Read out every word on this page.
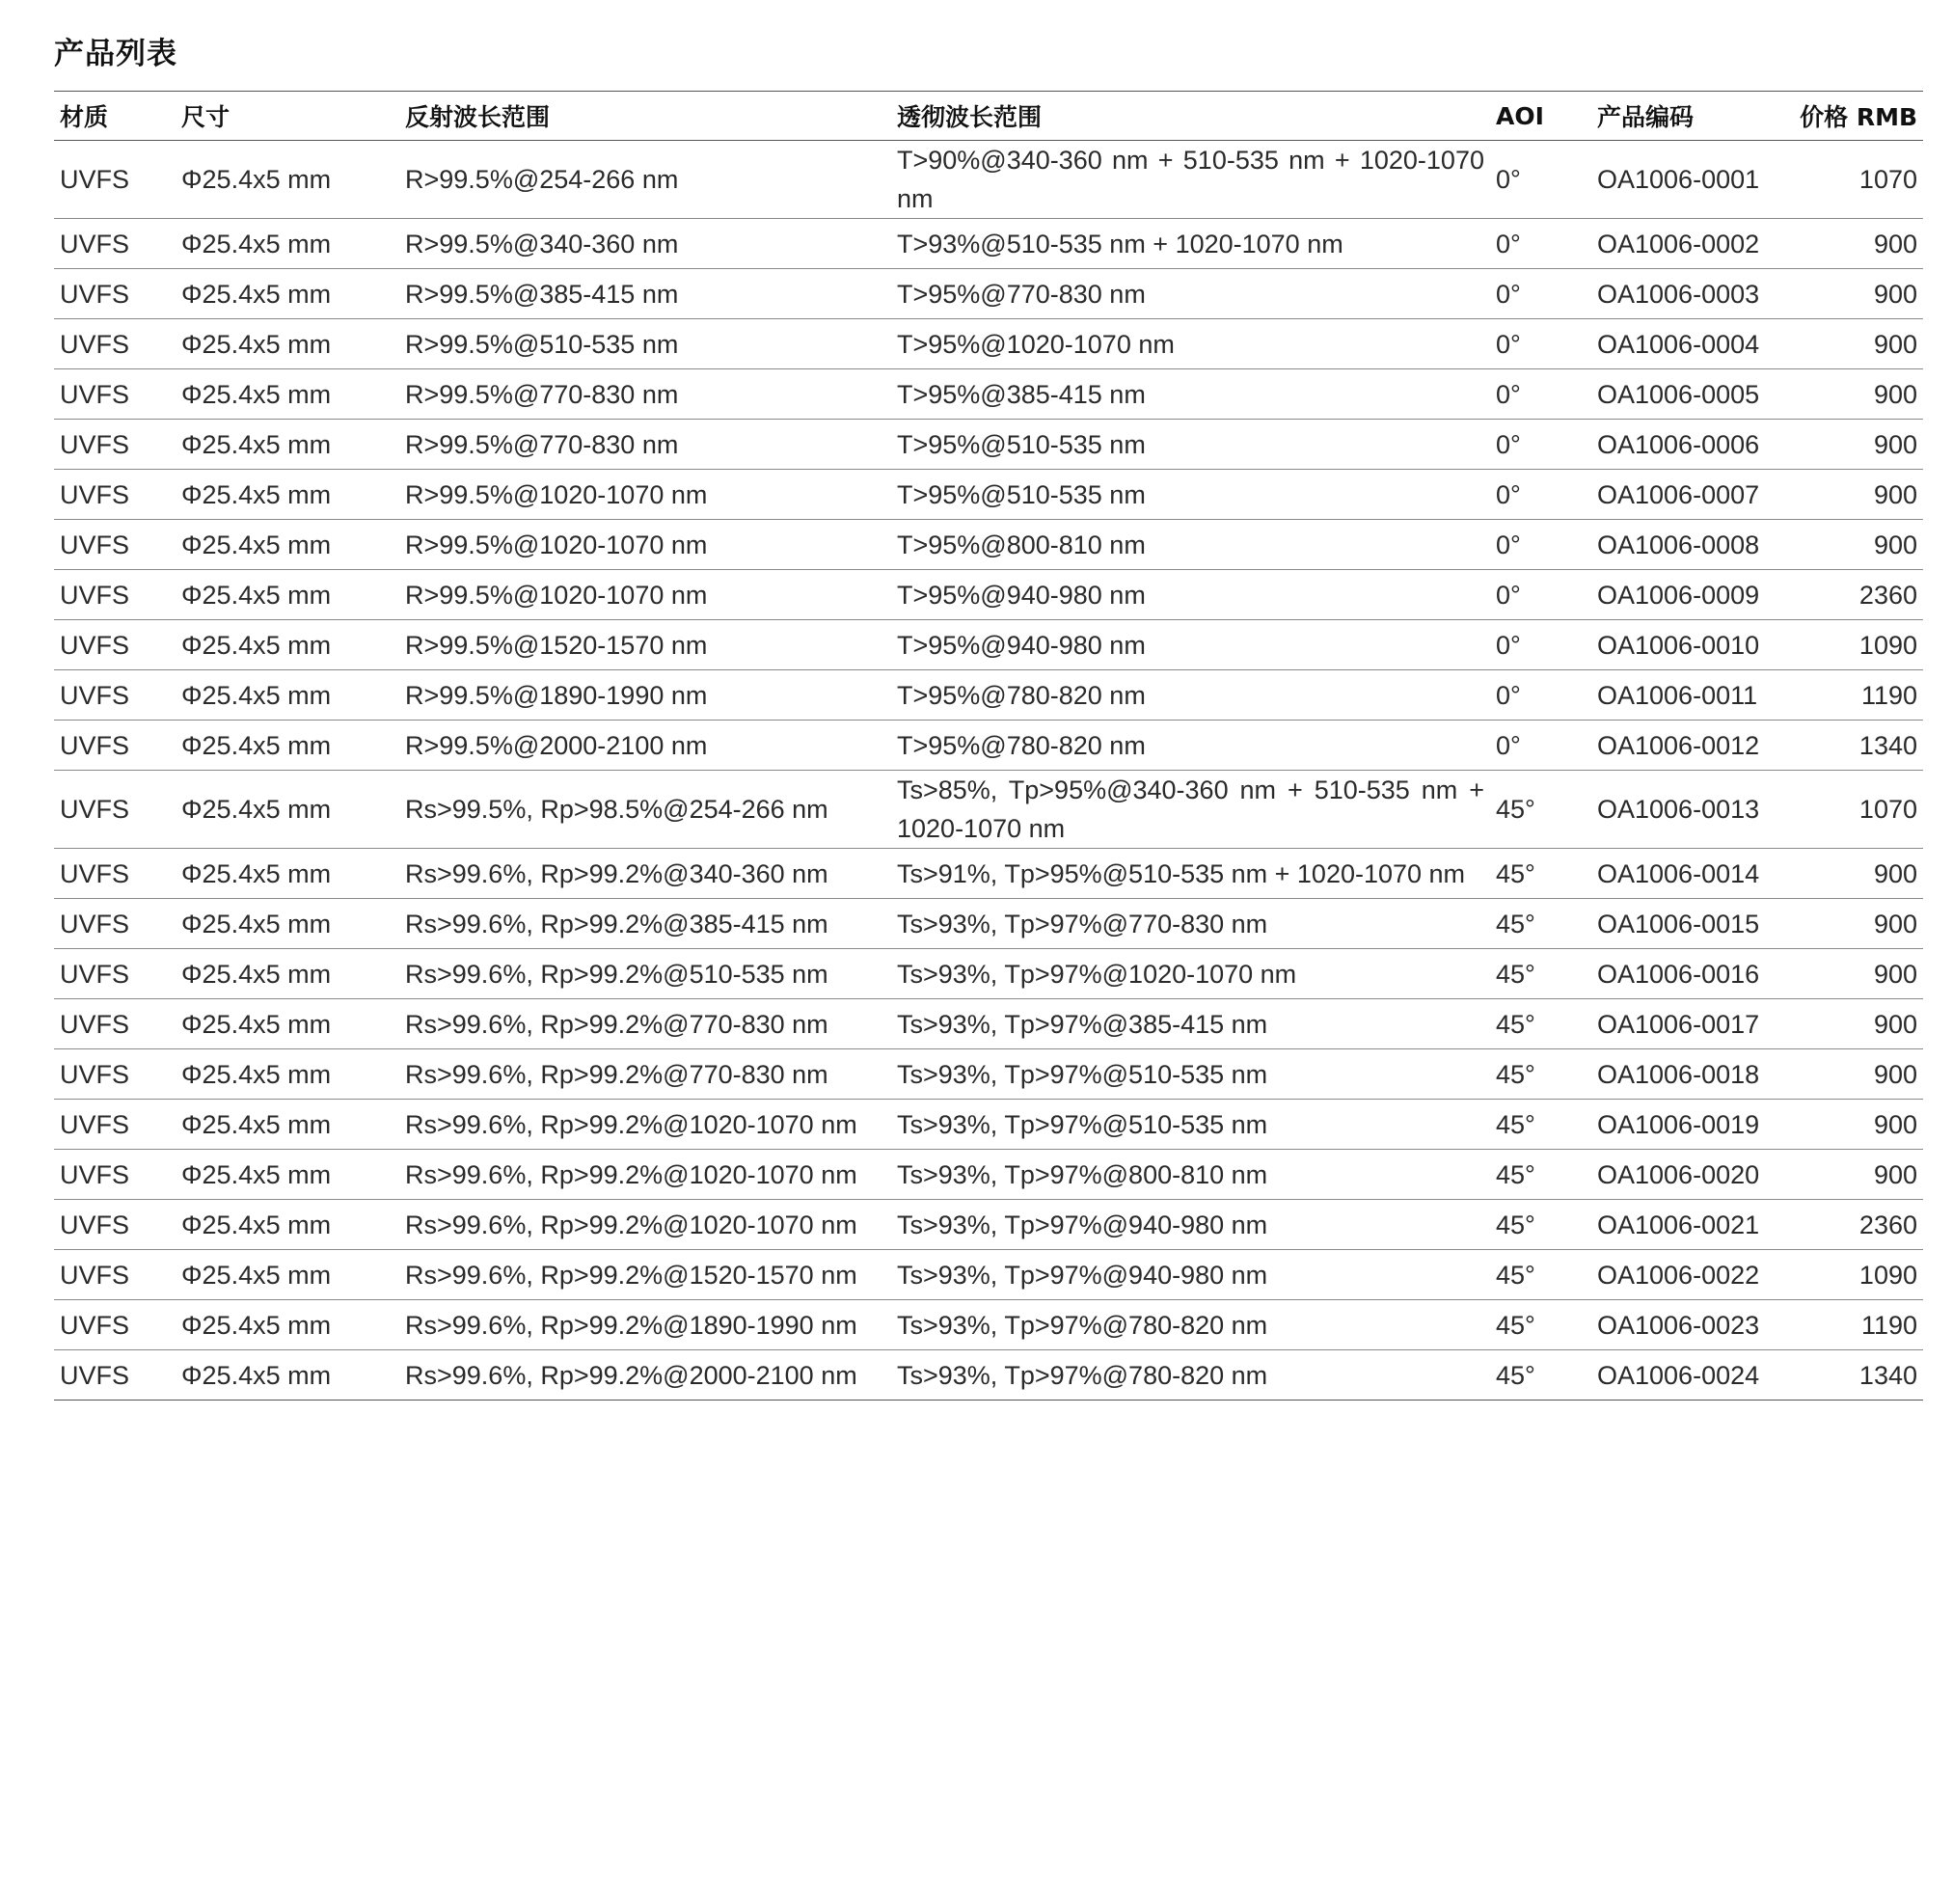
产品列表
材质	尺寸	反射波长范围	透彻波长范围	AOI	产品编码	价格 RMB
UVFS	Φ25.4x5 mm	R>99.5%@254-266 nm	T>90%@340-360 nm + 510-535 nm + 1020-1070 nm	0°	OA1006-0001	1070
UVFS	Φ25.4x5 mm	R>99.5%@340-360 nm	T>93%@510-535 nm + 1020-1070 nm	0°	OA1006-0002	900
UVFS	Φ25.4x5 mm	R>99.5%@385-415 nm	T>95%@770-830 nm	0°	OA1006-0003	900
UVFS	Φ25.4x5 mm	R>99.5%@510-535 nm	T>95%@1020-1070 nm	0°	OA1006-0004	900
UVFS	Φ25.4x5 mm	R>99.5%@770-830 nm	T>95%@385-415 nm	0°	OA1006-0005	900
UVFS	Φ25.4x5 mm	R>99.5%@770-830 nm	T>95%@510-535 nm	0°	OA1006-0006	900
UVFS	Φ25.4x5 mm	R>99.5%@1020-1070 nm	T>95%@510-535 nm	0°	OA1006-0007	900
UVFS	Φ25.4x5 mm	R>99.5%@1020-1070 nm	T>95%@800-810 nm	0°	OA1006-0008	900
UVFS	Φ25.4x5 mm	R>99.5%@1020-1070 nm	T>95%@940-980 nm	0°	OA1006-0009	2360
UVFS	Φ25.4x5 mm	R>99.5%@1520-1570 nm	T>95%@940-980 nm	0°	OA1006-0010	1090
UVFS	Φ25.4x5 mm	R>99.5%@1890-1990 nm	T>95%@780-820 nm	0°	OA1006-0011	1190
UVFS	Φ25.4x5 mm	R>99.5%@2000-2100 nm	T>95%@780-820 nm	0°	OA1006-0012	1340
UVFS	Φ25.4x5 mm	Rs>99.5%, Rp>98.5%@254-266 nm	Ts>85%, Tp>95%@340-360 nm + 510-535 nm + 1020-1070 nm	45°	OA1006-0013	1070
UVFS	Φ25.4x5 mm	Rs>99.6%, Rp>99.2%@340-360 nm	Ts>91%, Tp>95%@510-535 nm + 1020-1070 nm	45°	OA1006-0014	900
UVFS	Φ25.4x5 mm	Rs>99.6%, Rp>99.2%@385-415 nm	Ts>93%, Tp>97%@770-830 nm	45°	OA1006-0015	900
UVFS	Φ25.4x5 mm	Rs>99.6%, Rp>99.2%@510-535 nm	Ts>93%, Tp>97%@1020-1070 nm	45°	OA1006-0016	900
UVFS	Φ25.4x5 mm	Rs>99.6%, Rp>99.2%@770-830 nm	Ts>93%, Tp>97%@385-415 nm	45°	OA1006-0017	900
UVFS	Φ25.4x5 mm	Rs>99.6%, Rp>99.2%@770-830 nm	Ts>93%, Tp>97%@510-535 nm	45°	OA1006-0018	900
UVFS	Φ25.4x5 mm	Rs>99.6%, Rp>99.2%@1020-1070 nm	Ts>93%, Tp>97%@510-535 nm	45°	OA1006-0019	900
UVFS	Φ25.4x5 mm	Rs>99.6%, Rp>99.2%@1020-1070 nm	Ts>93%, Tp>97%@800-810 nm	45°	OA1006-0020	900
UVFS	Φ25.4x5 mm	Rs>99.6%, Rp>99.2%@1020-1070 nm	Ts>93%, Tp>97%@940-980 nm	45°	OA1006-0021	2360
UVFS	Φ25.4x5 mm	Rs>99.6%, Rp>99.2%@1520-1570 nm	Ts>93%, Tp>97%@940-980 nm	45°	OA1006-0022	1090
UVFS	Φ25.4x5 mm	Rs>99.6%, Rp>99.2%@1890-1990 nm	Ts>93%, Tp>97%@780-820 nm	45°	OA1006-0023	1190
UVFS	Φ25.4x5 mm	Rs>99.6%, Rp>99.2%@2000-2100 nm	Ts>93%, Tp>97%@780-820 nm	45°	OA1006-0024	1340
